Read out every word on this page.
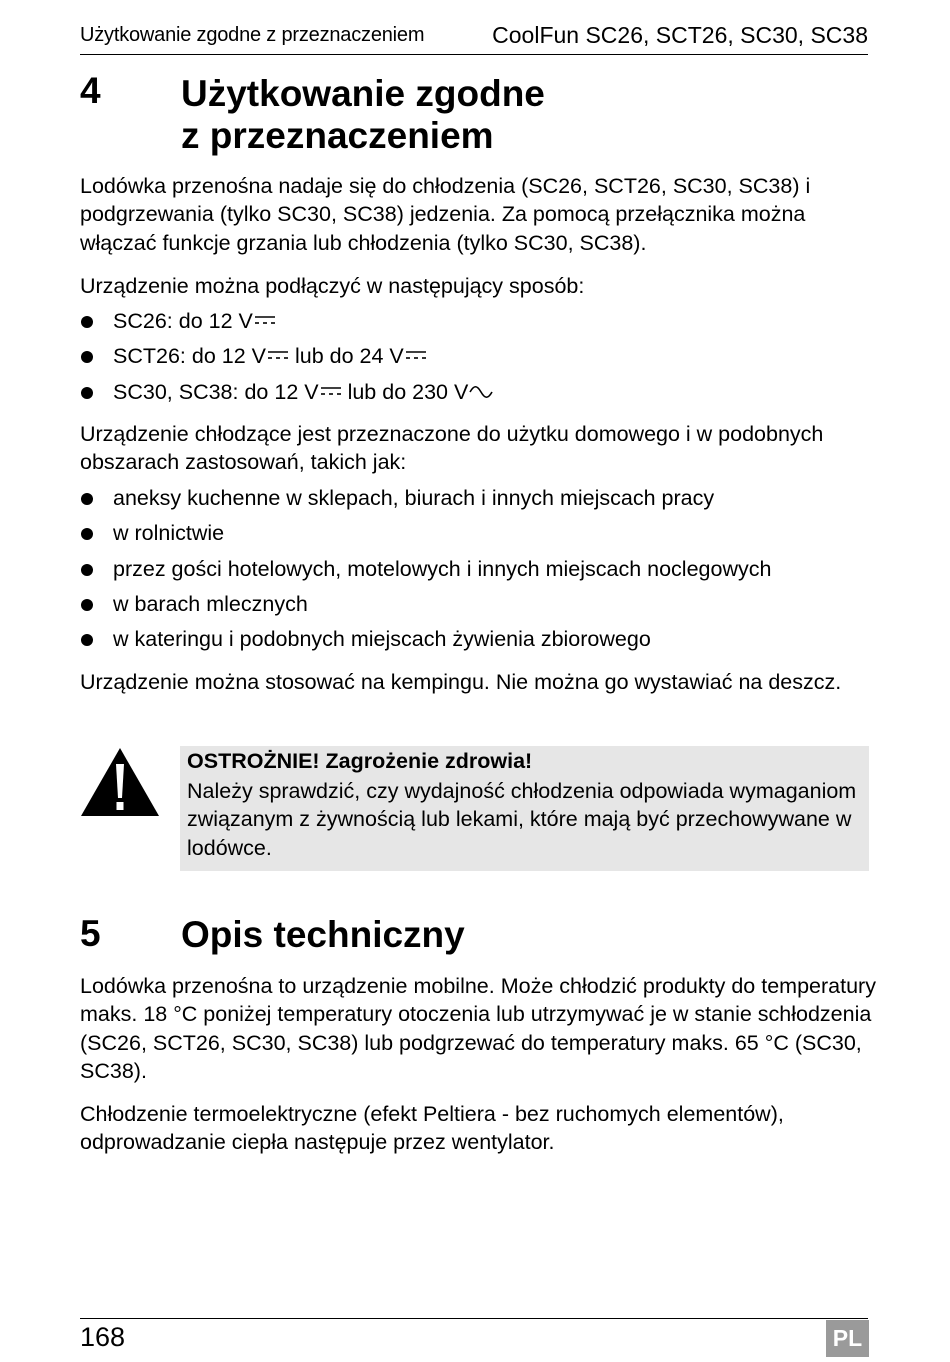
Użytkowanie zgodne z przeznaczeniem	CoolFun SC26, SCT26, SC30, SC38
4 Użytkowanie zgodne
z przeznaczeniem

Lodówka przenośna nadaje się do chłodzenia (SC26, SCT26, SC30, SC38) i podgrzewania (tylko SC30, SC38) jedzenia. Za pomocą przełącznika można włączać funkcje grzania lub chłodzenia (tylko SC30, SC38).

Urządzenie można podłączyć w następujący sposób:

SC26: do 12 V
SCT26: do 12 V lub do 24 V
SC30, SC38: do 12 V lub do 230 V

Urządzenie chłodzące jest przeznaczone do użytku domowego i w podobnych obszarach zastosowań, takich jak:

aneksy kuchenne w sklepach, biurach i innych miejscach pracy
w rolnictwie
przez gości hotelowych, motelowych i innych miejscach noclegowych
w barach mlecznych
w kateringu i podobnych miejscach żywienia zbiorowego

Urządzenie można stosować na kempingu. Nie można go wystawiać na deszcz.

OSTROŻNIE! Zagrożenie zdrowia!

Należy sprawdzić, czy wydajność chłodzenia odpowiada wymaganiom związanym z żywnością lub lekami, które mają być przechowywane w lodówce.

5 Opis techniczny

Lodówka przenośna to urządzenie mobilne. Może chłodzić produkty do temperatury maks. 18 °C poniżej temperatury otoczenia lub utrzymywać je w stanie schłodzenia (SC26, SCT26, SC30, SC38) lub podgrzewać do temperatury maks. 65 °C (SC30, SC38).

Chłodzenie termoelektryczne (efekt Peltiera - bez ruchomych elementów), odprowadzanie ciepła następuje przez wentylator.

168	PL
